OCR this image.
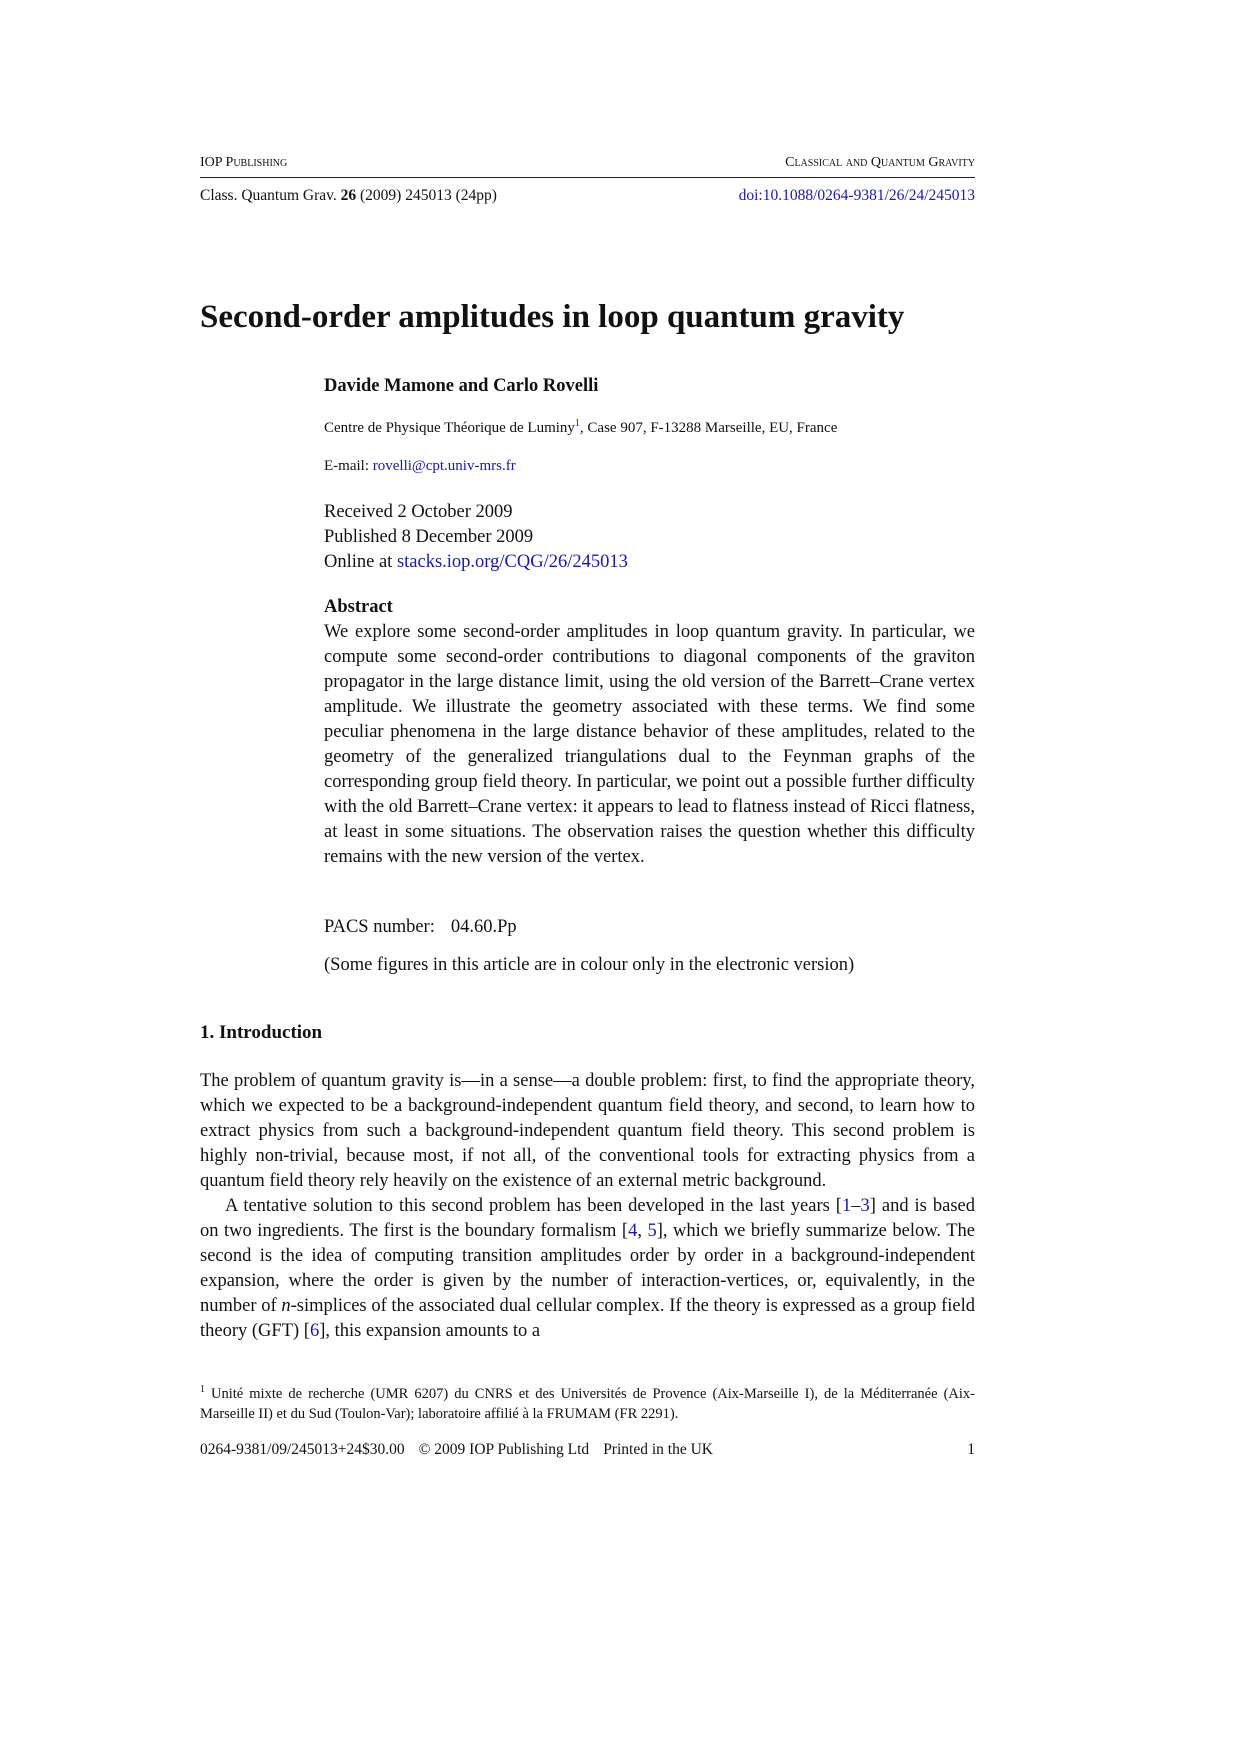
IOP Publishing	Classical and Quantum Gravity
Class. Quantum Grav. 26 (2009) 245013 (24pp)	doi:10.1088/0264-9381/26/24/245013
Second-order amplitudes in loop quantum gravity
Davide Mamone and Carlo Rovelli
Centre de Physique Théorique de Luminy$^1$, Case 907, F-13288 Marseille, EU, France
E-mail: rovelli@cpt.univ-mrs.fr
Received 2 October 2009
Published 8 December 2009
Online at stacks.iop.org/CQG/26/245013
Abstract

We explore some second-order amplitudes in loop quantum gravity. In particular, we compute some second-order contributions to diagonal components of the graviton propagator in the large distance limit, using the old version of the Barrett–Crane vertex amplitude. We illustrate the geometry associated with these terms. We find some peculiar phenomena in the large distance behavior of these amplitudes, related to the geometry of the generalized triangulations dual to the Feynman graphs of the corresponding group field theory. In particular, we point out a possible further difficulty with the old Barrett–Crane vertex: it appears to lead to flatness instead of Ricci flatness, at least in some situations. The observation raises the question whether this difficulty remains with the new version of the vertex.

PACS number: 04.60.Pp
(Some figures in this article are in colour only in the electronic version)
1. Introduction

The problem of quantum gravity is—in a sense—a double problem: first, to find the appropriate theory, which we expected to be a background-independent quantum field theory, and second, to learn how to extract physics from such a background-independent quantum field theory. This second problem is highly non-trivial, because most, if not all, of the conventional tools for extracting physics from a quantum field theory rely heavily on the existence of an external metric background.

A tentative solution to this second problem has been developed in the last years [1–3] and is based on two ingredients. The first is the boundary formalism [4, 5], which we briefly summarize below. The second is the idea of computing transition amplitudes order by order in a background-independent expansion, where the order is given by the number of interaction-vertices, or, equivalently, in the number of n-simplices of the associated dual cellular complex. If the theory is expressed as a group field theory (GFT) [6], this expansion amounts to a

$^1$ Unité mixte de recherche (UMR 6207) du CNRS et des Universités de Provence (Aix-Marseille I), de la Méditerranée (Aix-Marseille II) et du Sud (Toulon-Var); laboratoire affilié à la FRUMAM (FR 2291).

0264-9381/09/245013+24$30.00 © 2009 IOP Publishing Ltd Printed in the UK	1
